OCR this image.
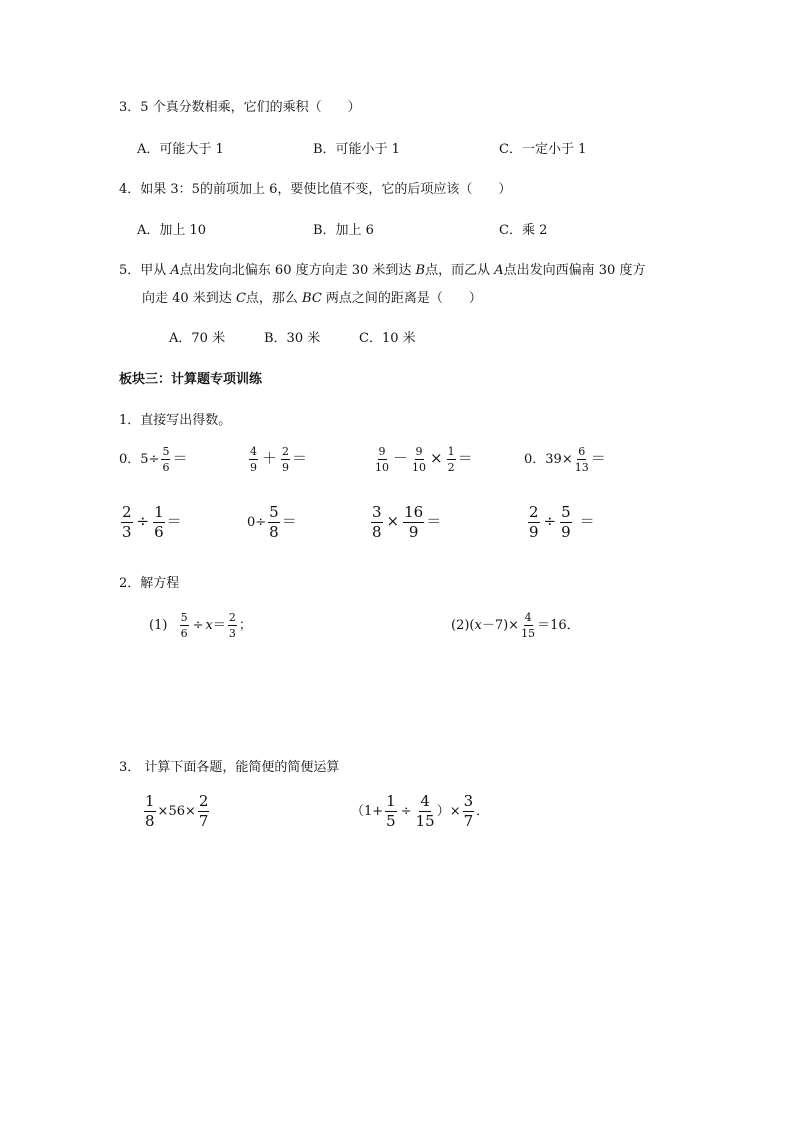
3．5 个真分数相乘，它们的乘积（　　）
A．可能大于 1	B．可能小于 1	C．一定小于 1
4．如果 3：5的前项加上 6，要使比值不变，它的后项应该（　　）
A．加上 10	B．加上 6	C．乘 2
5．甲从 A点出发向北偏东 60 度方向走 30 米到达 B点，而乙从 A点出发向西偏南 30 度方
向走 40 米到达 C点，那么 BC 两点之间的距离是（　　）
A．70 米	B．30 米	C．10 米
板块三：计算题专项训练
1．直接写出得数。
0．$5\div \frac{5}{6}$ ＝	$\frac{4}{9} + \frac{2}{9}$ ＝	$\frac{9}{10} - \frac{9}{10} \times \frac{1}{2}$ ＝	0．$39\times \frac{6}{13}$ ＝
$\frac{2}{3} \div \frac{1}{6}$ ＝	$0\div \frac{5}{8}$ ＝	$\frac{3}{8} \times \frac{16}{9}$ ＝	$\frac{2}{9} \div \frac{5}{9}$ ＝
2．解方程
$(1) \frac{5}{6} \div x= \frac{2}{3}$ ；	$(2)(x-7)\times \frac{4}{15} =16$．
3． 计算下面各题，能简便的简便运算
$\frac{1}{8} \times 56\times \frac{2}{7}$	（$1+ \frac{1}{5} \div \frac{4}{15}$ ）× $\frac{3}{7}$ ．
